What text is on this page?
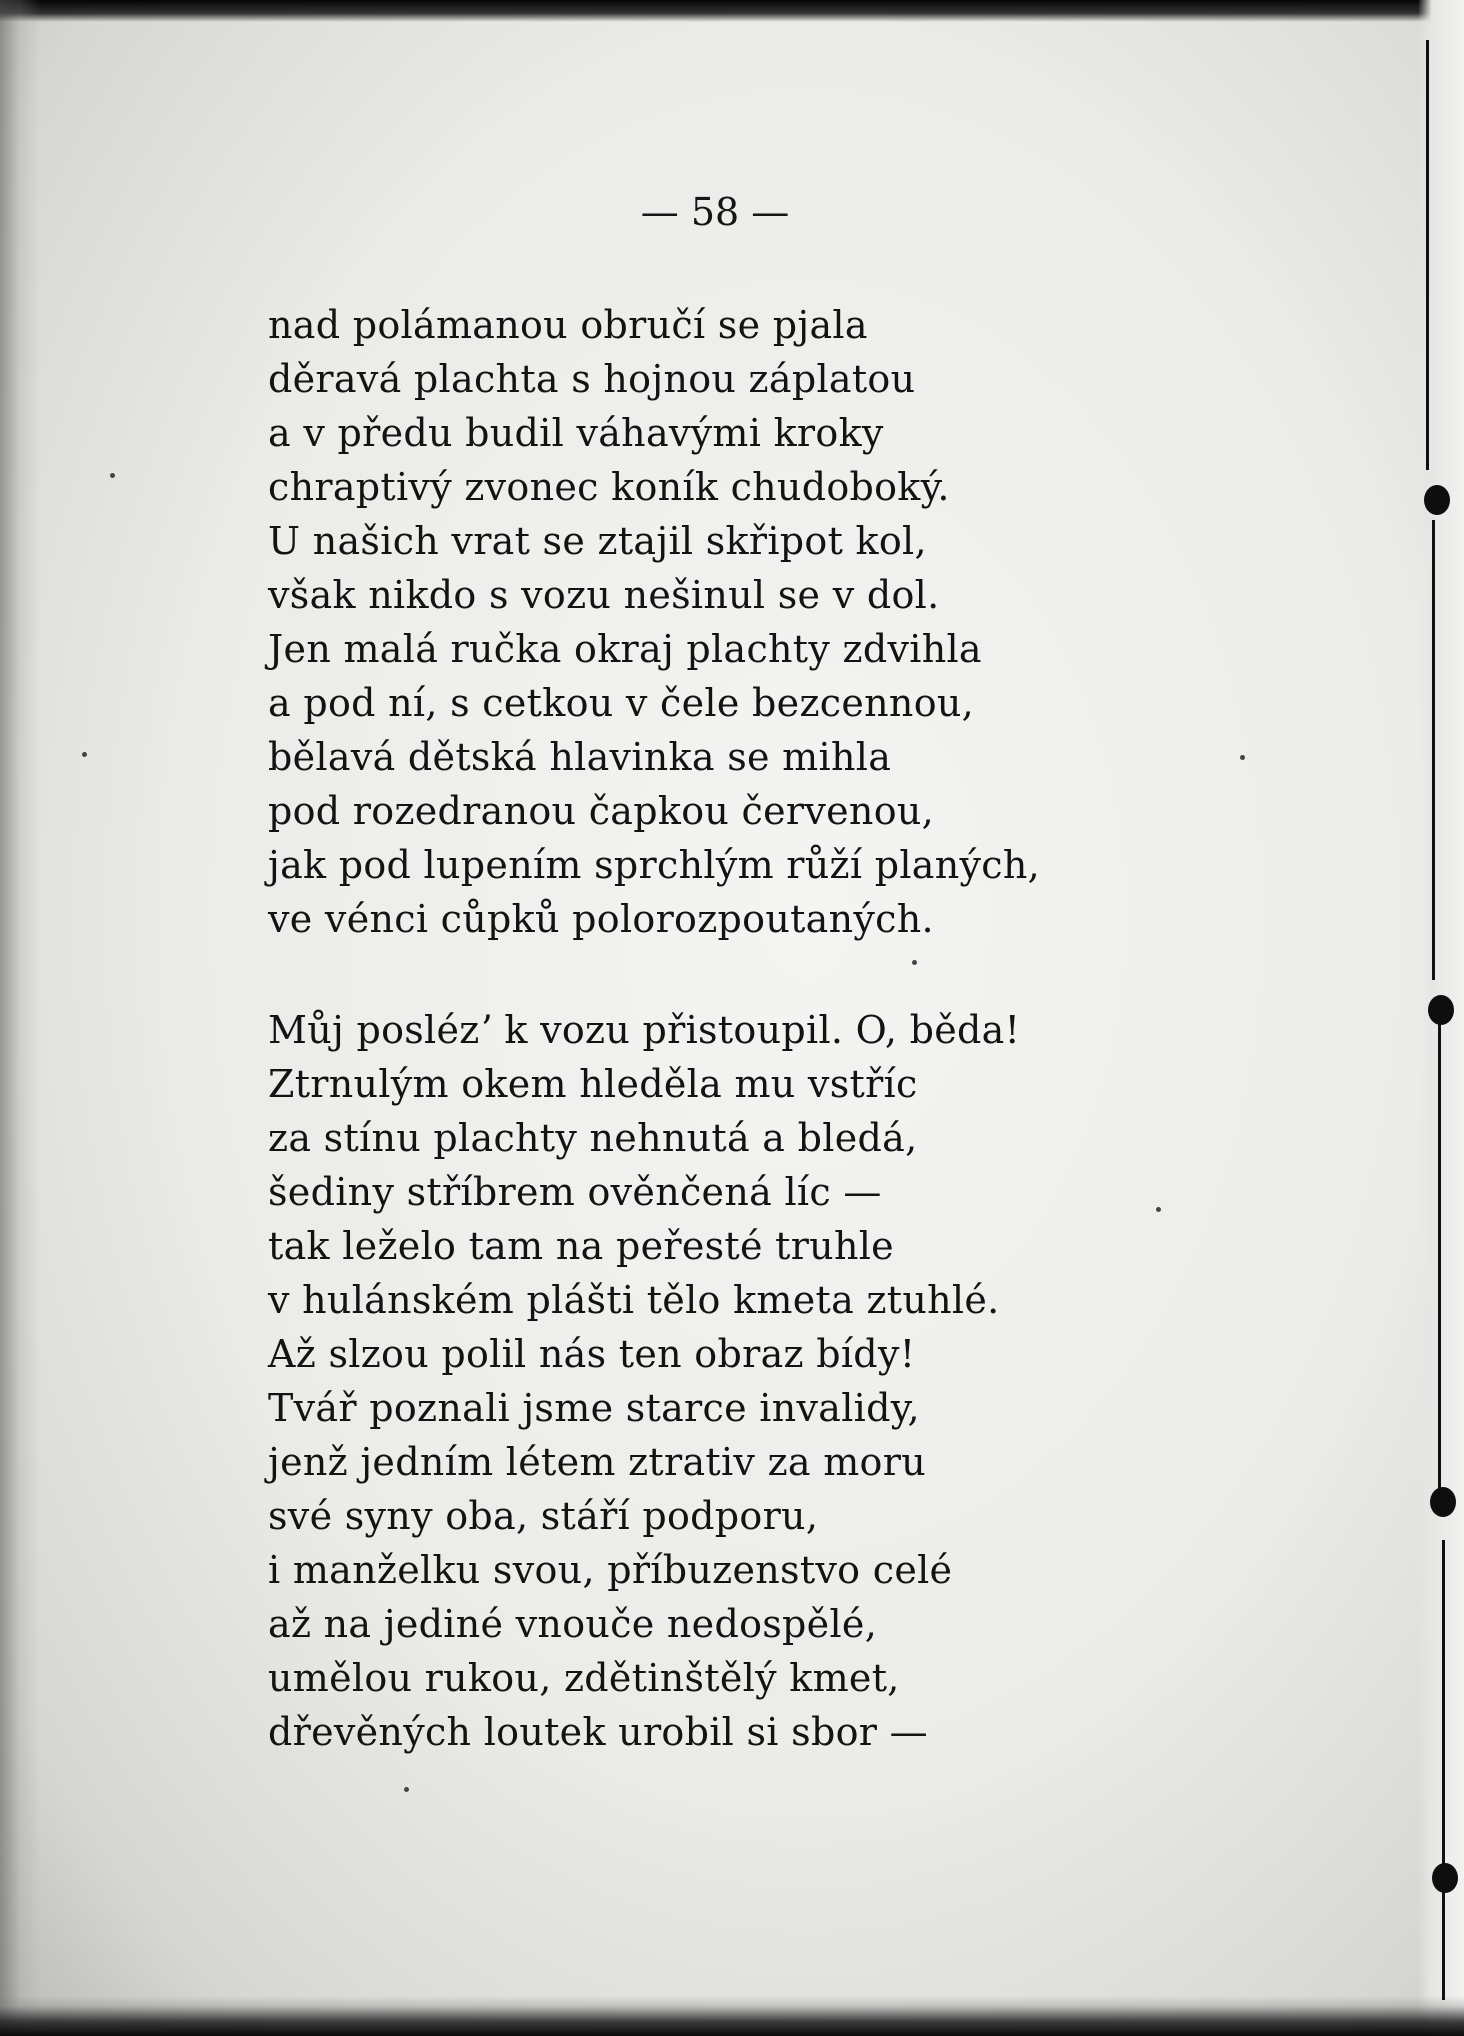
— 58 —
nad polámanou obručí se pjala
děravá plachta s hojnou záplatou
a v předu budil váhavými kroky
chraptivý zvonec koník chudoboký.
U našich vrat se ztajil skřipot kol,
však nikdo s vozu nešinul se v dol.
Jen malá ručka okraj plachty zdvihla
a pod ní, s cetkou v čele bezcennou,
bělavá dětská hlavinka se mihla
pod rozedranou čapkou červenou,
jak pod lupením sprchlým růží planých,
ve vénci cůpků polorozpoutaných.
Můj poslézʼ k vozu přistoupil. O, běda!
Ztrnulým okem hleděla mu vstříc
za stínu plachty nehnutá a bledá,
šediny stříbrem ověnčená líc —
tak leželo tam na peřesté truhle
v hulánském plášti tělo kmeta ztuhlé.
Až slzou polil nás ten obraz bídy!
Tvář poznali jsme starce invalidy,
jenž jedním létem ztrativ za moru
své syny oba, stáří podporu,
i manželku svou, příbuzenstvo celé
až na jediné vnouče nedospělé,
umělou rukou, zdětinštělý kmet,
dřevěných loutek urobil si sbor —
